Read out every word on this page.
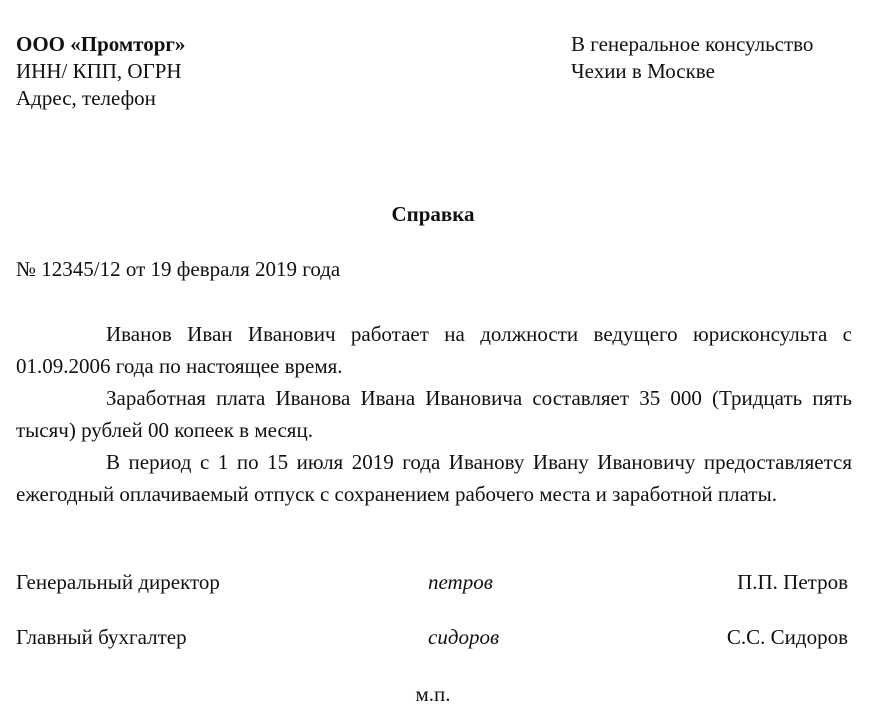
ООО «Промторг»
ИНН/ КПП, ОГРН
Адрес, телефон
В генеральное консульство
Чехии в Москве
Справка
№ 12345/12 от 19 февраля 2019 года

Иванов Иван Иванович работает на должности ведущего юрисконсульта с 01.09.2006 года по настоящее время.

Заработная плата Иванова Ивана Ивановича составляет 35 000 (Тридцать пять тысяч) рублей 00 копеек в месяц.

В период с 1 по 15 июля 2019 года Иванову Ивану Ивановичу предоставляется ежегодный оплачиваемый отпуск с сохранением рабочего места и заработной платы.

Генеральный директор	петров	П.П. Петров
Главный бухгалтер	сидоров	С.С. Сидоров
м.п.
